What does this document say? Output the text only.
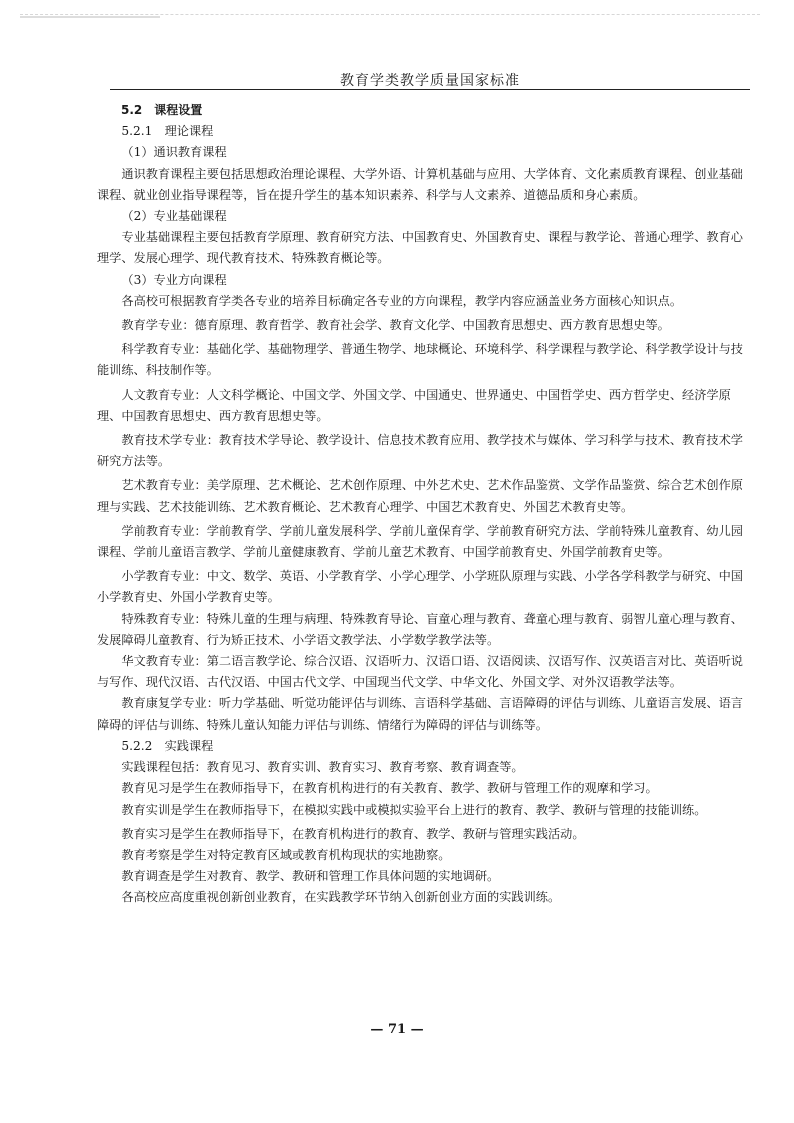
教育学类教学质量国家标准

5.2　课程设置

5.2.1　理论课程

（1）通识教育课程

通识教育课程主要包括思想政治理论课程、大学外语、计算机基础与应用、大学体育、文化素质教育课程、创业基础课程、就业创业指导课程等，旨在提升学生的基本知识素养、科学与人文素养、道德品质和身心素质。

（2）专业基础课程

专业基础课程主要包括教育学原理、教育研究方法、中国教育史、外国教育史、课程与教学论、普通心理学、教育心理学、发展心理学、现代教育技术、特殊教育概论等。

（3）专业方向课程

各高校可根据教育学类各专业的培养目标确定各专业的方向课程，教学内容应涵盖业务方面核心知识点。

教育学专业：德育原理、教育哲学、教育社会学、教育文化学、中国教育思想史、西方教育思想史等。

科学教育专业：基础化学、基础物理学、普通生物学、地球概论、环境科学、科学课程与教学论、科学教学设计与技能训练、科技制作等。

人文教育专业：人文科学概论、中国文学、外国文学、中国通史、世界通史、中国哲学史、西方哲学史、经济学原理、中国教育思想史、西方教育思想史等。

教育技术学专业：教育技术学导论、教学设计、信息技术教育应用、教学技术与媒体、学习科学与技术、教育技术学研究方法等。

艺术教育专业：美学原理、艺术概论、艺术创作原理、中外艺术史、艺术作品鉴赏、文学作品鉴赏、综合艺术创作原理与实践、艺术技能训练、艺术教育概论、艺术教育心理学、中国艺术教育史、外国艺术教育史等。

学前教育专业：学前教育学、学前儿童发展科学、学前儿童保育学、学前教育研究方法、学前特殊儿童教育、幼儿园课程、学前儿童语言教学、学前儿童健康教育、学前儿童艺术教育、中国学前教育史、外国学前教育史等。

小学教育专业：中文、数学、英语、小学教育学、小学心理学、小学班队原理与实践、小学各学科教学与研究、中国小学教育史、外国小学教育史等。

特殊教育专业：特殊儿童的生理与病理、特殊教育导论、盲童心理与教育、聋童心理与教育、弱智儿童心理与教育、发展障碍儿童教育、行为矫正技术、小学语文教学法、小学数学教学法等。

华文教育专业：第二语言教学论、综合汉语、汉语听力、汉语口语、汉语阅读、汉语写作、汉英语言对比、英语听说与写作、现代汉语、古代汉语、中国古代文学、中国现当代文学、中华文化、外国文学、对外汉语教学法等。

教育康复学专业：听力学基础、听觉功能评估与训练、言语科学基础、言语障碍的评估与训练、儿童语言发展、语言障碍的评估与训练、特殊儿童认知能力评估与训练、情绪行为障碍的评估与训练等。

5.2.2　实践课程

实践课程包括：教育见习、教育实训、教育实习、教育考察、教育调查等。

教育见习是学生在教师指导下，在教育机构进行的有关教育、教学、教研与管理工作的观摩和学习。

教育实训是学生在教师指导下，在模拟实践中或模拟实验平台上进行的教育、教学、教研与管理的技能训练。

教育实习是学生在教师指导下，在教育机构进行的教育、教学、教研与管理实践活动。

教育考察是学生对特定教育区域或教育机构现状的实地勘察。

教育调查是学生对教育、教学、教研和管理工作具体问题的实地调研。

各高校应高度重视创新创业教育，在实践教学环节纳入创新创业方面的实践训练。

— 71 —
